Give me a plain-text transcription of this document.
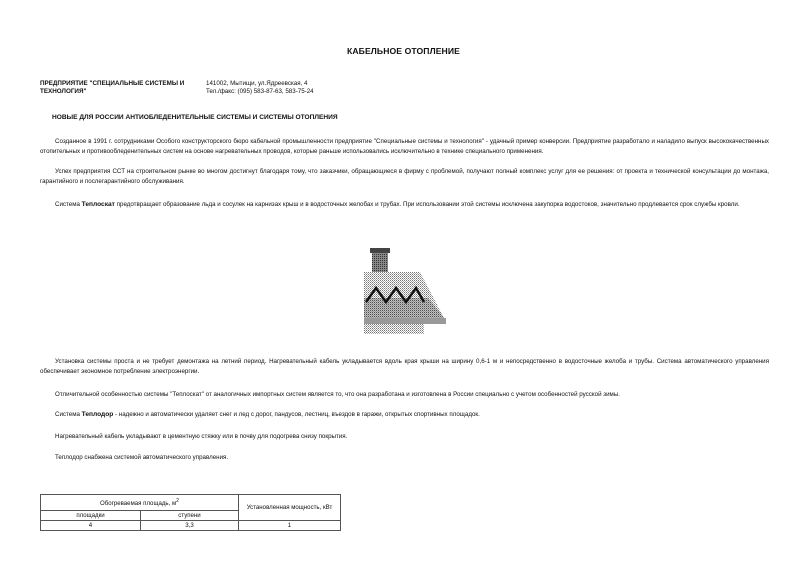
КАБЕЛЬНОЕ ОТОПЛЕНИЕ
ПРЕДПРИЯТИЕ "СПЕЦИАЛЬНЫЕ СИСТЕМЫ И ТЕХНОЛОГИЯ"
141002, Мытищи, ул.Ядреевская, 4
Тел./факс: (095) 583-87-63, 583-75-24
НОВЫЕ ДЛЯ РОССИИ АНТИОБЛЕДЕНИТЕЛЬНЫЕ СИСТЕМЫ И СИСТЕМЫ ОТОПЛЕНИЯ
Созданное в 1991 г. сотрудниками Особого конструкторского бюро кабельной промышленности предприятие "Специальные системы и технология" - удачный пример конверсии. Предприятие разработало и наладило выпуск высококачественных отопительных и противообледенительных систем на основе нагревательных проводов, которые раньше использовались исключительно в технике специального применения.
Успех предприятия ССТ на строительном рынке во многом достигнут благодаря тому, что заказчики, обращающиеся в фирму с проблемой, получают полный комплекс услуг для ее решения: от проекта и технической консультации до монтажа, гарантийного и послегарантийного обслуживания.
Система Теплоскат предотвращает образование льда и сосулек на карнизах крыш и в водосточных желобах и трубах. При использовании этой системы исключена закупорка водостоков, значительно продлевается срок службы кровли.
Установка системы проста и не требует демонтажа на летний период. Нагревательный кабель укладывается вдоль края крыши на ширину 0,6-1 м и непосредственно в водосточные желоба и трубы. Система автоматического управления обеспечивает экономное потребление электроэнергии.
Отличительной особенностью системы "Теплоскат" от аналогичных импортных систем является то, что она разработана и изготовлена в России специально с учетом особенностей русской зимы.
Система Теплодор - надежно и автоматически удаляет снег и лед с дорог, пандусов, лестниц, въездов в гаражи, открытых спортивных площадок.
Нагревательный кабель укладывают в цементную стяжку или в почву для подогрева снизу покрытия.
Теплодор снабжена системой автоматического управления.
Обогреваемая площадь, $м^2$		Установленная мощность, кВт
площадки	ступени	
4	3,3	1
